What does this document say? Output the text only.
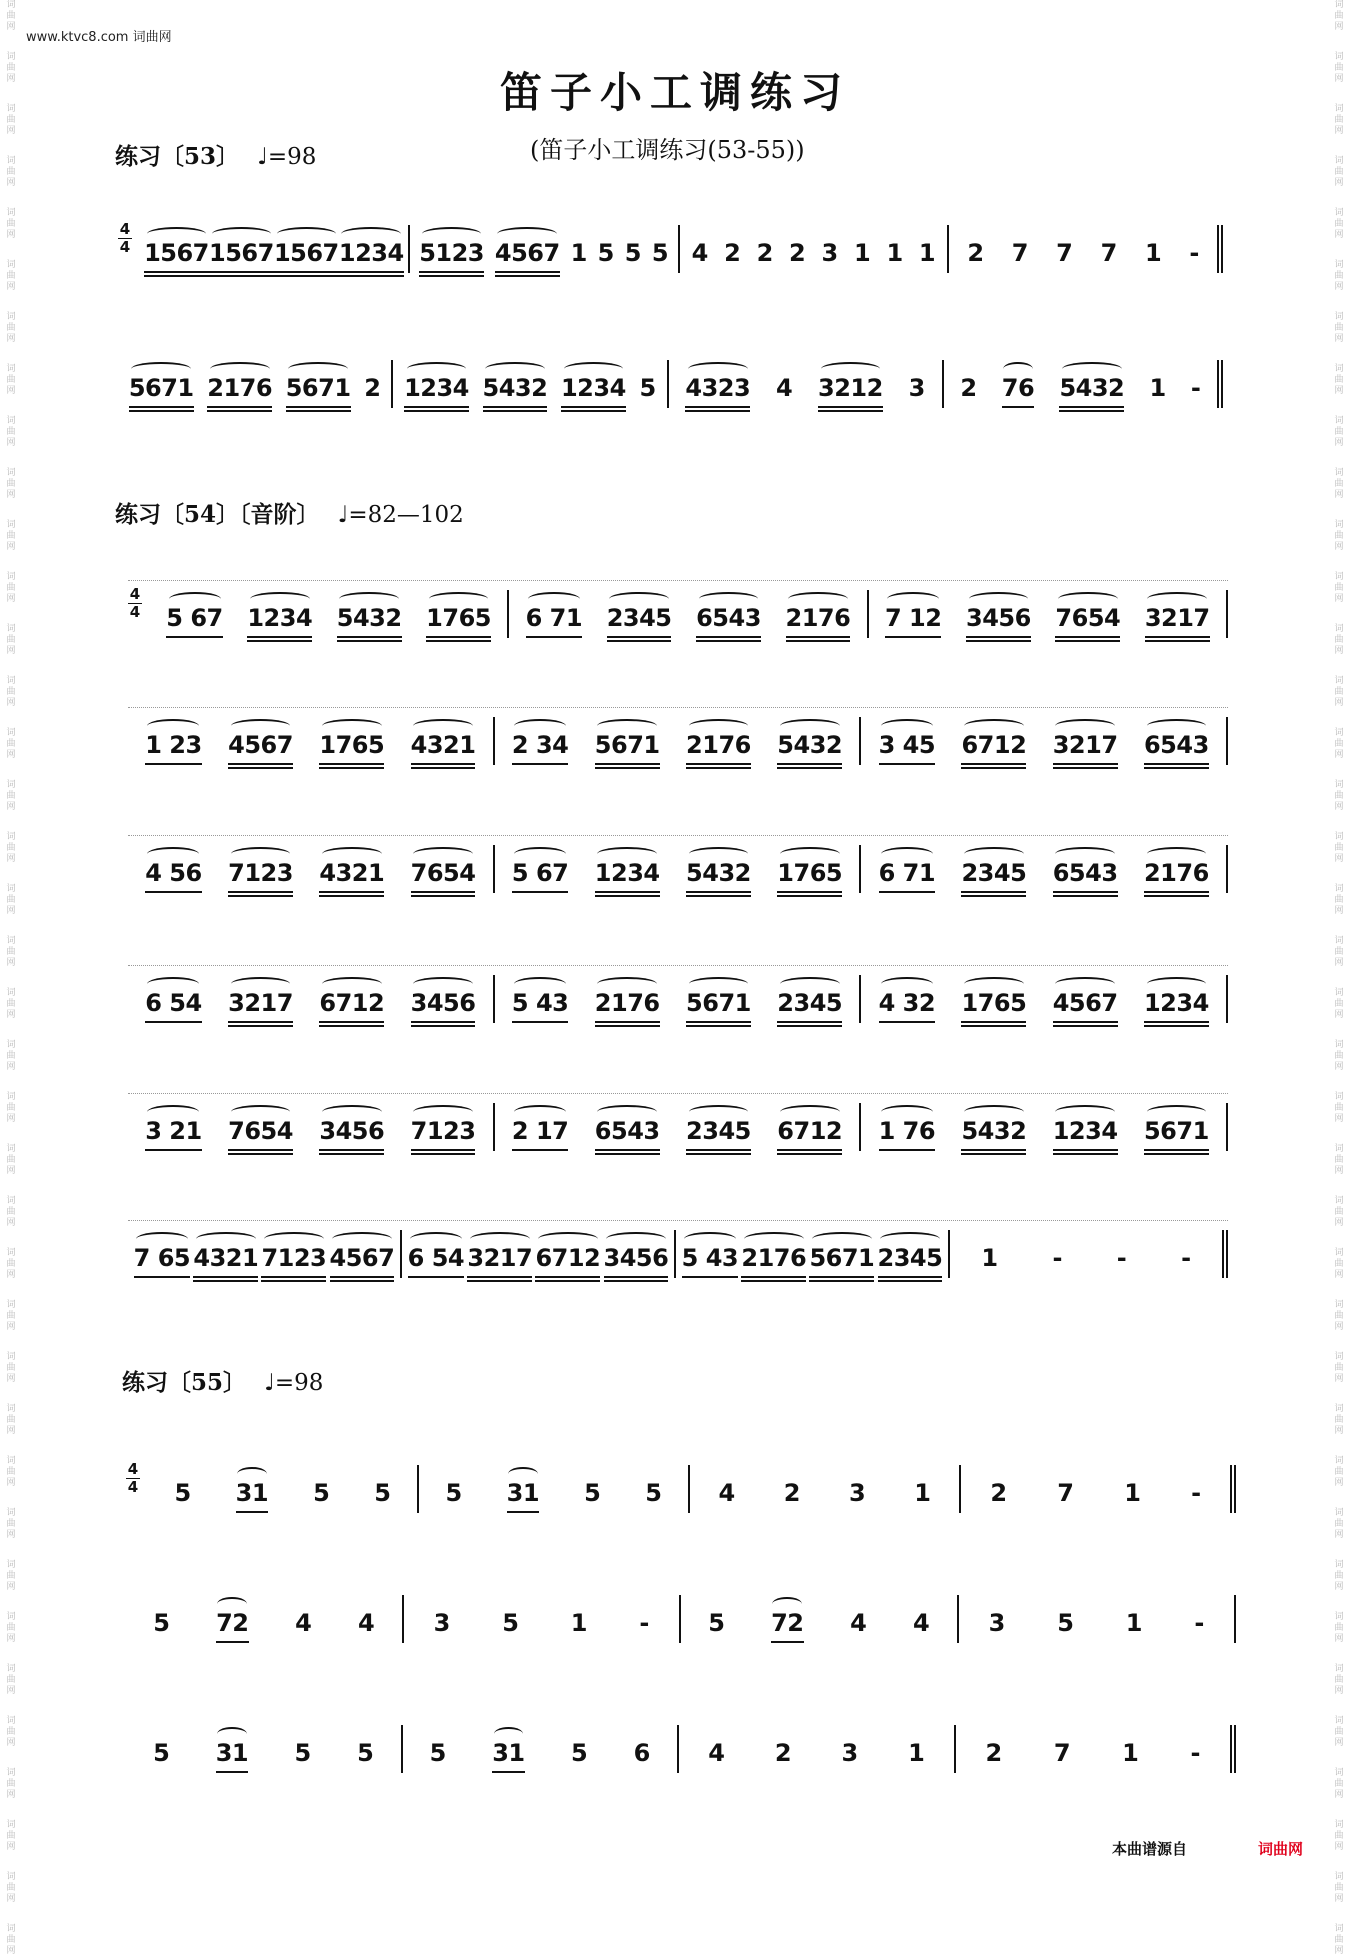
词
曲
网
词
曲
网
词
曲
网
词
曲
网
词
曲
网
词
曲
网
词
曲
网
词
曲
网
词
曲
网
词
曲
网
词
曲
网
词
曲
网
词
曲
网
词
曲
网
词
曲
网
词
曲
网
词
曲
网
词
曲
网
词
曲
网
词
曲
网
词
曲
网
词
曲
网
词
曲
网
词
曲
网
词
曲
网
词
曲
网
词
曲
网
词
曲
网
词
曲
网
词
曲
网
词
曲
网
词
曲
网
词
曲
网
词
曲
网
词
曲
网
词
曲
网
词
曲
网
词
曲
网
词
曲
网
词
曲
网
词
曲
网
词
曲
网
词
曲
网
词
曲
网
词
曲
网
词
曲
网
词
曲
网
词
曲
网
词
曲
网
词
曲
网
词
曲
网
词
曲
网
词
曲
网
词
曲
网
词
曲
网
词
曲
网
词
曲
网
词
曲
网
词
曲
网
词
曲
网
词
曲
网
词
曲
网
词
曲
网
词
曲
网
词
曲
网
词
曲
网
词
曲
网
词
曲
网
词
曲
网
词
曲
网
词
曲
网
词
曲
网
词
曲
网
词
曲
网
词
曲
网
词
曲
网
www.ktvc8.com 词曲网
笛子小工调练习
(笛子小工调练习(53-55))
练习〔53〕 ♩=98
4
4 1567 1567 1567 1234 5123 4567 1 5 5 5 4 2 2 2 3 1 1 1 2 7 7 7 1 -
5671 2176 5671 2 1234 5432 1234 5 4323 4 3212 3 2 76 5432 1 -
练习〔54〕〔音阶〕 ♩=82—102
4
4 5 67 1234 5432 1765 6 71 2345 6543 2176 7 12 3456 7654 3217
1 23 4567 1765 4321 2 34 5671 2176 5432 3 45 6712 3217 6543
4 56 7123 4321 7654 5 67 1234 5432 1765 6 71 2345 6543 2176
6 54 3217 6712 3456 5 43 2176 5671 2345 4 32 1765 4567 1234
3 21 7654 3456 7123 2 17 6543 2345 6712 1 76 5432 1234 5671
7 65 4321 7123 4567 6 54 3217 6712 3456 5 43 2176 5671 2345 1 - - -
练习〔55〕 ♩=98
4
4 5 31 5 5 5 31 5 5 4 2 3 1 2 7 1 -
5 72 4 4 3 5 1 - 5 72 4 4 3 5 1 -
5 31 5 5 5 31 5 6 4 2 3 1	2 7 1 -
本曲谱源自	词曲网
